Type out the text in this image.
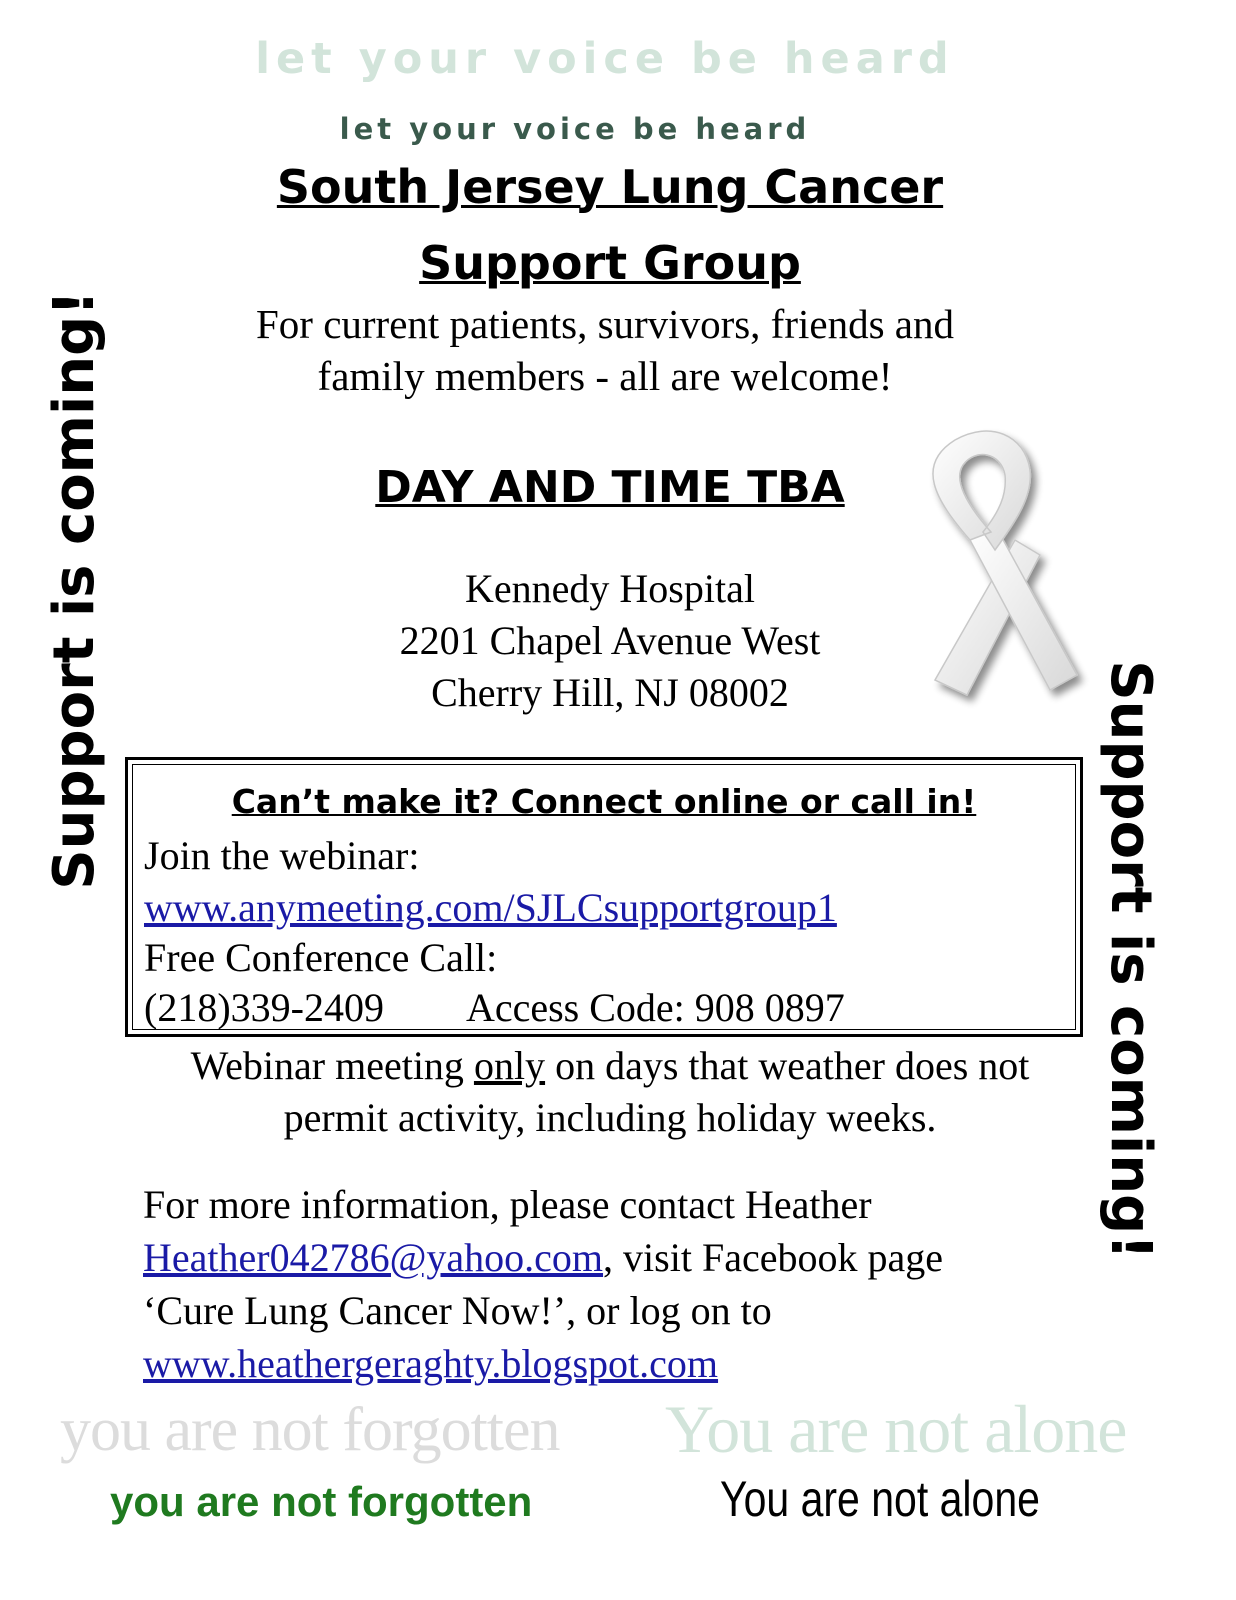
let your voice be heard
let your voice be heard
South Jersey Lung Cancer
Support Group
For current patients, survivors, friends and
family members - all are welcome!
DAY AND TIME TBA
Kennedy Hospital
2201 Chapel Avenue West
Cherry Hill, NJ 08002
Support is coming!
Support is coming!
Can’t make it? Connect online or call in!
Join the webinar:
www.anymeeting.com/SJLCsupportgroup1
Free Conference Call:
(218)339-2409 Access Code: 908 0897
Webinar meeting only on days that weather does not
permit activity, including holiday weeks.
For more information, please contact Heather
Heather042786@yahoo.com, visit Facebook page
‘Cure Lung Cancer Now!’, or log on to
www.heathergeraghty.blogspot.com
you are not forgotten	You are not alone
you are not forgotten	You are not alone
